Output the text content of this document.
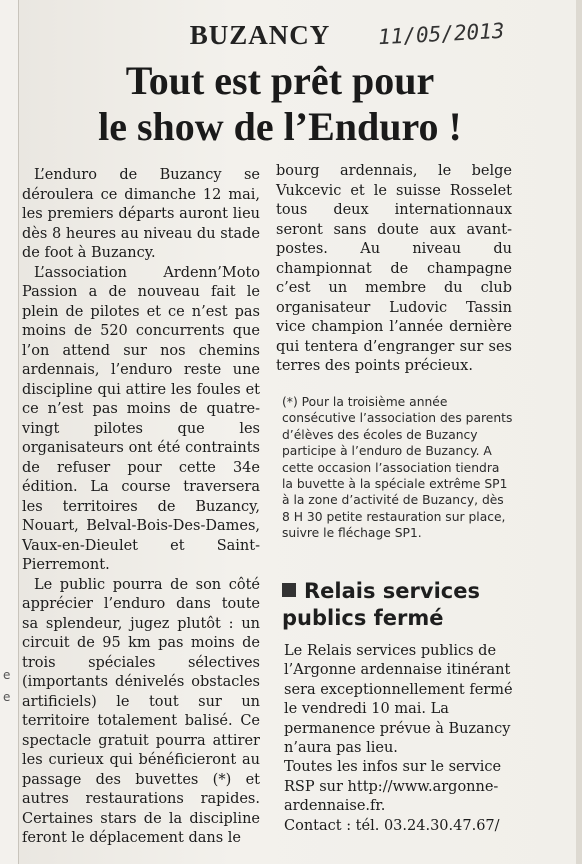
e
e
BUZANCY	11/05/2013
Tout est prêt pour
le show de l’Enduro !

L’enduro de Buzancy se déroulera ce dimanche 12 mai, les premiers départs auront lieu dès 8 heures au niveau du stade de foot à Buzancy.

L’association Ardenn’Moto Passion a de nouveau fait le plein de pilotes et ce n’est pas moins de 520 concurrents que l’on attend sur nos chemins ardennais, l’enduro reste une discipline qui attire les foules et ce n’est pas moins de quatre-vingt pilotes que les organisateurs ont été contraints de refuser pour cette 34e édition. La course traversera les territoires de Buzancy, Nouart, Belval-Bois-Des-Dames, Vaux-en-Dieulet et Saint-Pierremont.

Le public pourra de son côté apprécier l’enduro dans toute sa splendeur, jugez plutôt : un circuit de 95 km pas moins de trois spéciales sélectives (importants dénivelés obstacles artificiels) le tout sur un territoire totalement balisé. Ce spectacle gratuit pourra attirer les curieux qui bénéficieront au passage des buvettes (*) et autres restaurations rapides. Certaines stars de la discipline feront le déplacement dans le

bourg ardennais, le belge Vukcevic et le suisse Rosselet tous deux internationnaux seront sans doute aux avant-postes. Au niveau du championnat de champagne c’est un membre du club organisateur Ludovic Tassin vice champion l’année dernière qui tentera d’engranger sur ses terres des points précieux.

(*) Pour la troisième année consécutive l’association des parents d’élèves des écoles de Buzancy participe à l’enduro de Buzancy. A cette occasion l’association tiendra la buvette à la spéciale extrême SP1 à la zone d’activité de Buzancy, dès 8 H 30 petite restauration sur place, suivre le fléchage SP1.
Relais services
publics fermé

Le Relais services publics de l’Argonne ardennaise itinérant sera exceptionnellement fermé le vendredi 10 mai. La permanence prévue à Buzancy n’aura pas lieu.

Toutes les infos sur le service RSP sur http://www.argonne-ardennaise.fr.

Contact : tél. 03.24.30.47.67/
